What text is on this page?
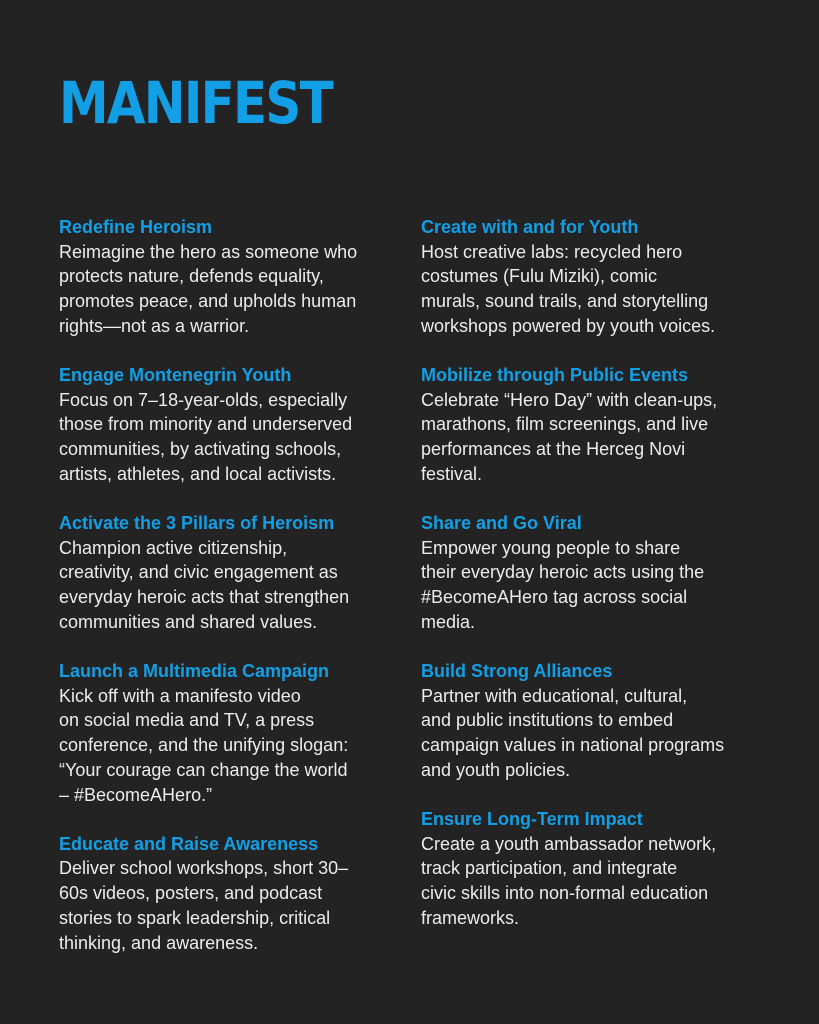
MANIFEST

Redefine Heroism

Reimagine the hero as someone who
protects nature, defends equality,
promotes peace, and upholds human
rights—not as a warrior.

Engage Montenegrin Youth

Focus on 7–18-year-olds, especially
those from minority and underserved
communities, by activating schools,
artists, athletes, and local activists.

Activate the 3 Pillars of Heroism

Champion active citizenship,
creativity, and civic engagement as
everyday heroic acts that strengthen
communities and shared values.

Launch a Multimedia Campaign

Kick off with a manifesto video
on social media and TV, a press
conference, and the unifying slogan:
“Your courage can change the world
– #BecomeAHero.”

Educate and Raise Awareness

Deliver school workshops, short 30–
60s videos, posters, and podcast
stories to spark leadership, critical
thinking, and awareness.

Create with and for Youth

Host creative labs: recycled hero
costumes (Fulu Miziki), comic
murals, sound trails, and storytelling
workshops powered by youth voices.

Mobilize through Public Events

Celebrate “Hero Day” with clean-ups,
marathons, film screenings, and live
performances at the Herceg Novi
festival.

Share and Go Viral

Empower young people to share
their everyday heroic acts using the
#BecomeAHero tag across social
media.

Build Strong Alliances

Partner with educational, cultural,
and public institutions to embed
campaign values in national programs
and youth policies.

Ensure Long-Term Impact

Create a youth ambassador network,
track participation, and integrate
civic skills into non-formal education
frameworks.
